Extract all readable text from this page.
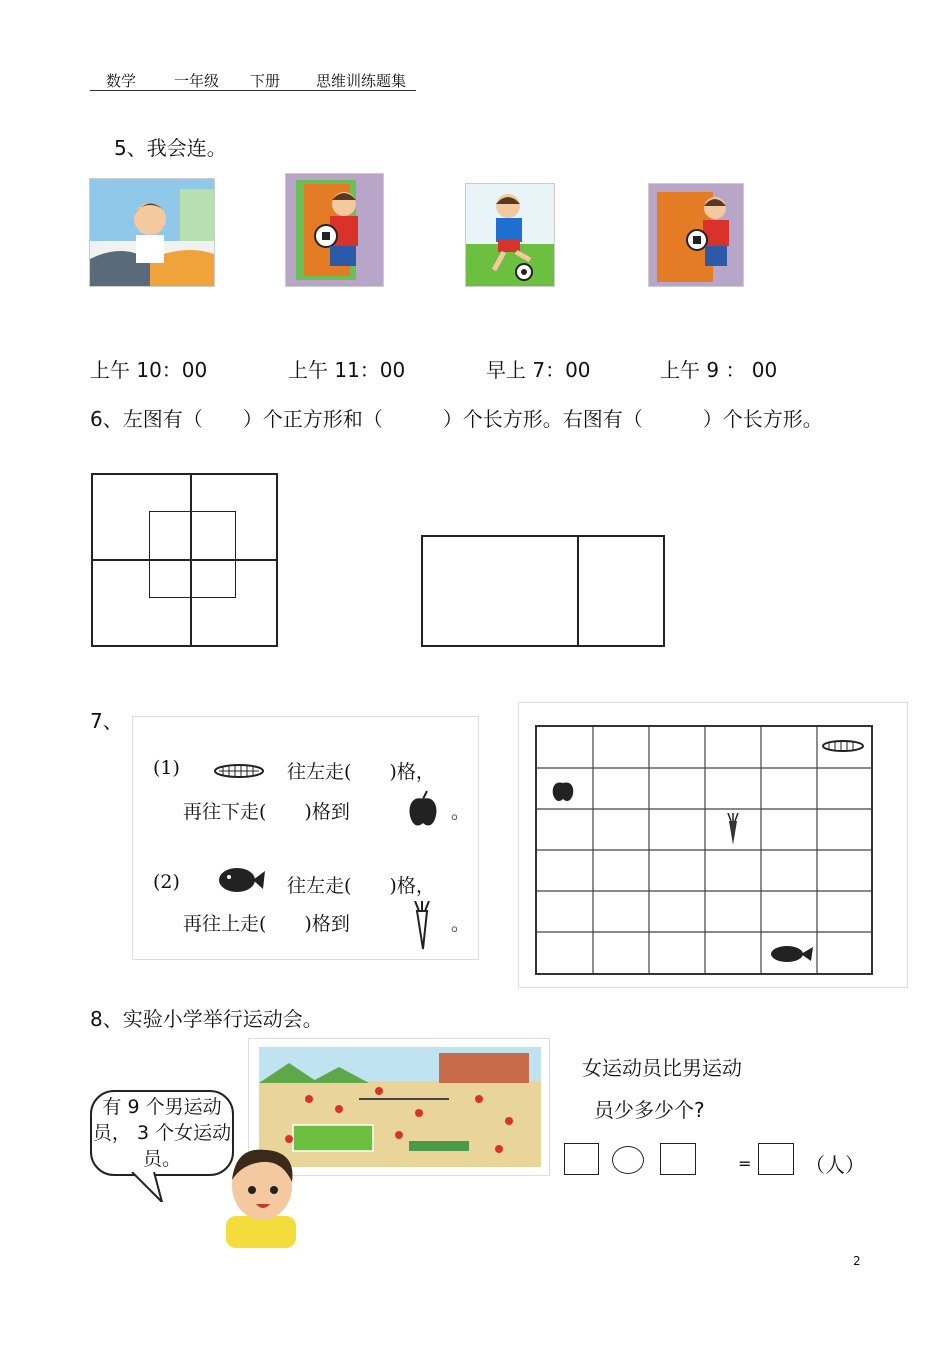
数学	一年级 下册 思维训练题集
5、我会连。
上午 10：00	上午 11：00	早上 7：00	上午 9 ： 00
6、左图有（　　）个正方形和（　　　）个长方形。右图有（　　　）个长方形。
7、
(1)	往左走(　　)格，
再往下走(　　)格到	。
(2)	往左走(　　)格，
再往上走(　　)格到	。
8、实验小学举行运动会。
有 9 个男运动员， 3 个女运动员。
女运动员比男运动
员少多少个?
=	（人）
2
